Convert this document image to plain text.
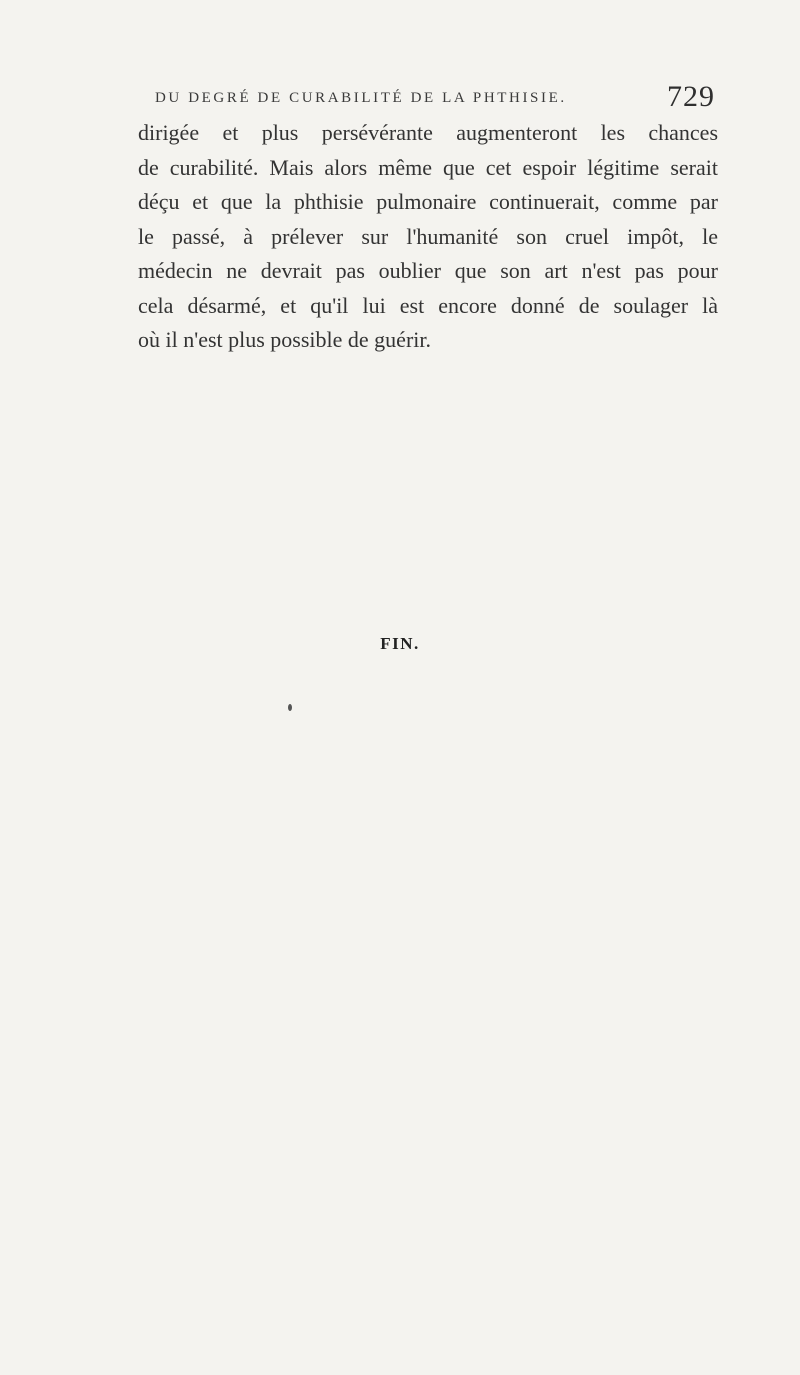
DU DEGRÉ DE CURABILITÉ DE LA PHTHISIE.	729
dirigée et plus persévérante augmenteront les chances
de curabilité. Mais alors même que cet espoir légitime serait
déçu et que la phthisie pulmonaire continuerait, comme par
le passé, à prélever sur l'humanité son cruel impôt, le
médecin ne devrait pas oublier que son art n'est pas pour
cela désarmé, et qu'il lui est encore donné de soulager là
où il n'est plus possible de guérir.
FIN.
